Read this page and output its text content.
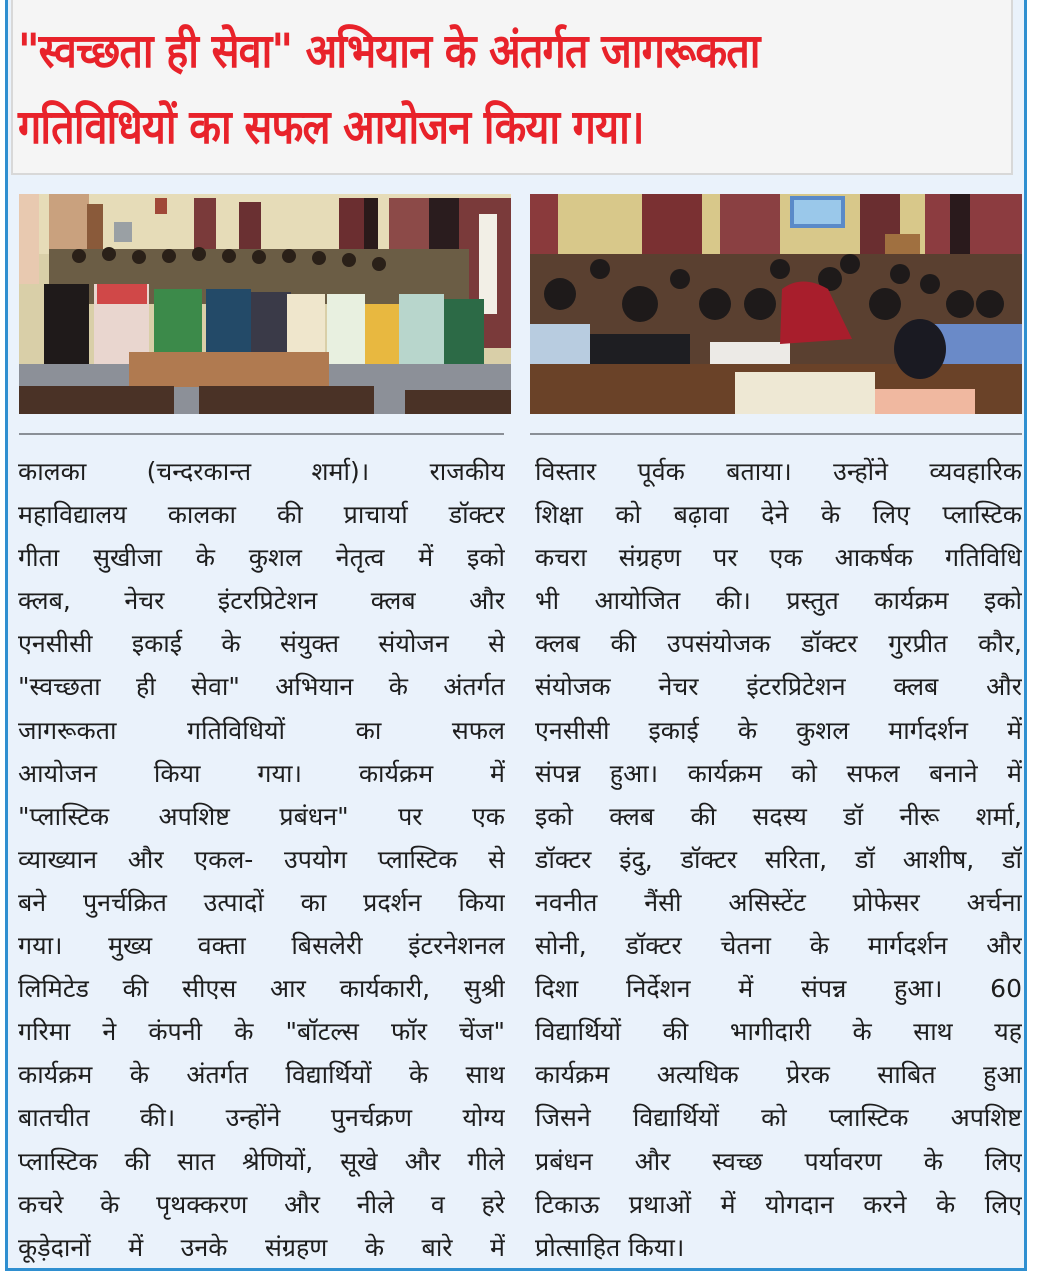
"स्वच्छता ही सेवा" अभियान के अंतर्गत जागरूकता
गतिविधियों का सफल आयोजन किया गया।
कालका (चन्दरकान्त शर्मा)। राजकीय
महाविद्यालय कालका की प्राचार्या डॉक्टर
गीता सुखीजा के कुशल नेतृत्व में इको
क्लब, नेचर इंटरप्रिटेशन क्लब और
एनसीसी इकाई के संयुक्त संयोजन से
"स्वच्छता ही सेवा" अभियान के अंतर्गत
जागरूकता गतिविधियों का सफल
आयोजन किया गया। कार्यक्रम में
"प्लास्टिक अपशिष्ट प्रबंधन" पर एक
व्याख्यान और एकल- उपयोग प्लास्टिक से
बने पुनर्चक्रित उत्पादों का प्रदर्शन किया
गया। मुख्य वक्ता बिसलेरी इंटरनेशनल
लिमिटेड की सीएस आर कार्यकारी, सुश्री
गरिमा ने कंपनी के "बॉटल्स फॉर चेंज"
कार्यक्रम के अंतर्गत विद्यार्थियों के साथ
बातचीत की। उन्होंने पुनर्चक्रण योग्य
प्लास्टिक की सात श्रेणियों, सूखे और गीले
कचरे के पृथक्करण और नीले व हरे
कूड़ेदानों में उनके संग्रहण के बारे में
विस्तार पूर्वक बताया। उन्होंने व्यवहारिक
शिक्षा को बढ़ावा देने के लिए प्लास्टिक
कचरा संग्रहण पर एक आकर्षक गतिविधि
भी आयोजित की। प्रस्तुत कार्यक्रम इको
क्लब की उपसंयोजक डॉक्टर गुरप्रीत कौर,
संयोजक नेचर इंटरप्रिटेशन क्लब और
एनसीसी इकाई के कुशल मार्गदर्शन में
संपन्न हुआ। कार्यक्रम को सफल बनाने में
इको क्लब की सदस्य डॉ नीरू शर्मा,
डॉक्टर इंदु, डॉक्टर सरिता, डॉ आशीष, डॉ
नवनीत नैंसी असिस्टेंट प्रोफेसर अर्चना
सोनी, डॉक्टर चेतना के मार्गदर्शन और
दिशा निर्देशन में संपन्न हुआ। 60
विद्यार्थियों की भागीदारी के साथ यह
कार्यक्रम अत्यधिक प्रेरक साबित हुआ
जिसने विद्यार्थियों को प्लास्टिक अपशिष्ट
प्रबंधन और स्वच्छ पर्यावरण के लिए
टिकाऊ प्रथाओं में योगदान करने के लिए
प्रोत्साहित किया।
